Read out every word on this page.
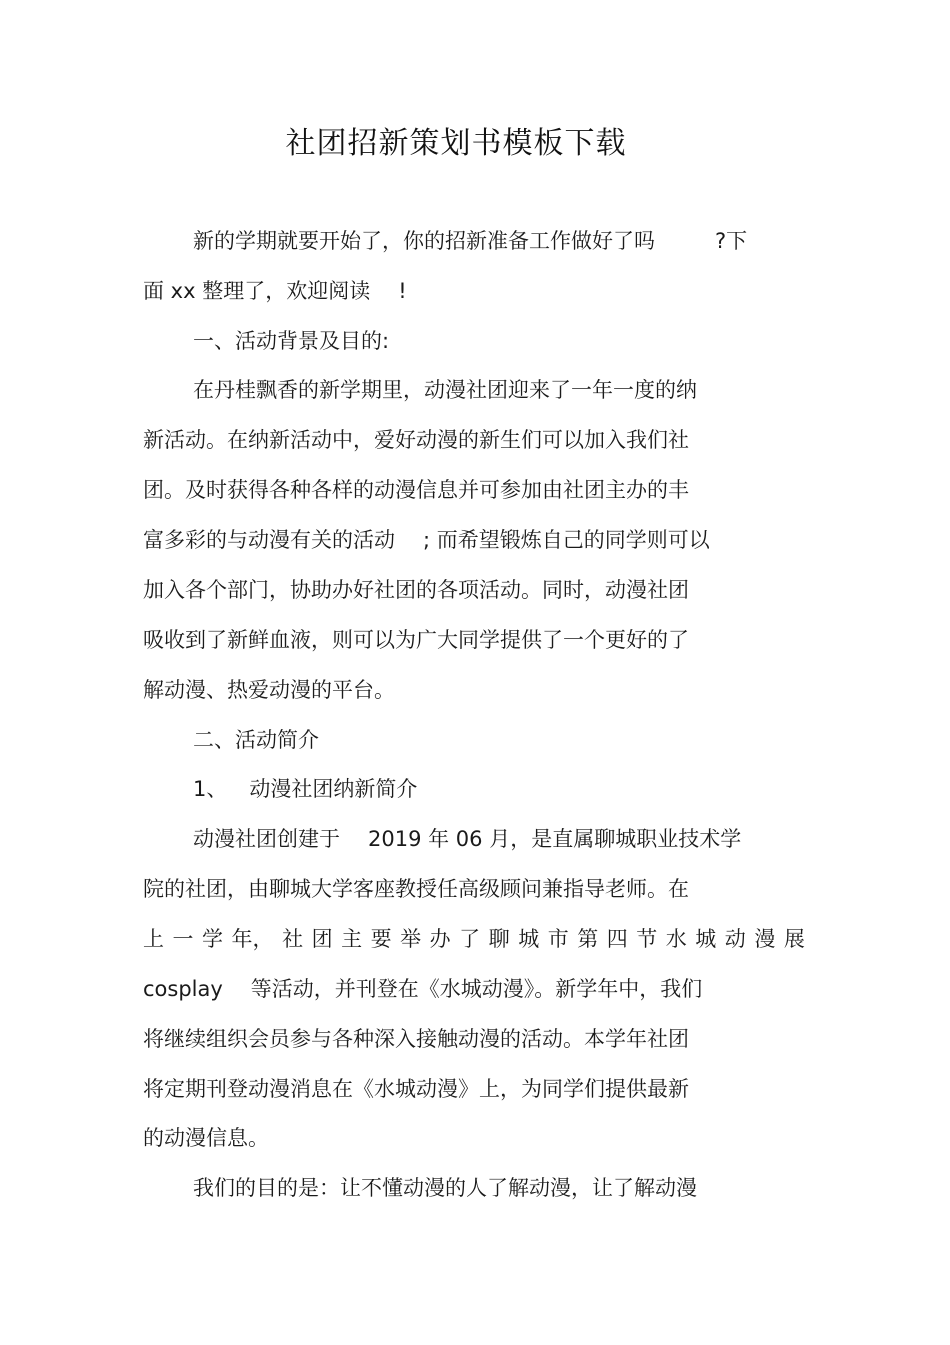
社团招新策划书模板下载
新的学期就要开始了，你的招新准备工作做好了吗	?下
面 xx 整理了，欢迎阅读 !
一、活动背景及目的:
在丹桂飘香的新学期里，动漫社团迎来了一年一度的纳
新活动。在纳新活动中，爱好动漫的新生们可以加入我们社
团。及时获得各种各样的动漫信息并可参加由社团主办的丰
富多彩的与动漫有关的活动 ; 而希望锻炼自己的同学则可以
加入各个部门，协助办好社团的各项活动。同时，动漫社团
吸收到了新鲜血液，则可以为广大同学提供了一个更好的了
解动漫、热爱动漫的平台。
二、活动简介
1、 动漫社团纳新简介
动漫社团创建于 2019 年 06 月，是直属聊城职业技术学
院的社团，由聊城大学客座教授任高级顾问兼指导老师。在
上 一 学 年， 社 团 主 要 举 办 了 聊 城 市 第 四 节 水 城 动 漫 展
cosplay 等活动，并刊登在《水城动漫》。新学年中，我们
将继续组织会员参与各种深入接触动漫的活动。本学年社团
将定期刊登动漫消息在《水城动漫》上，为同学们提供最新
的动漫信息。
我们的目的是：让不懂动漫的人了解动漫，让了解动漫
